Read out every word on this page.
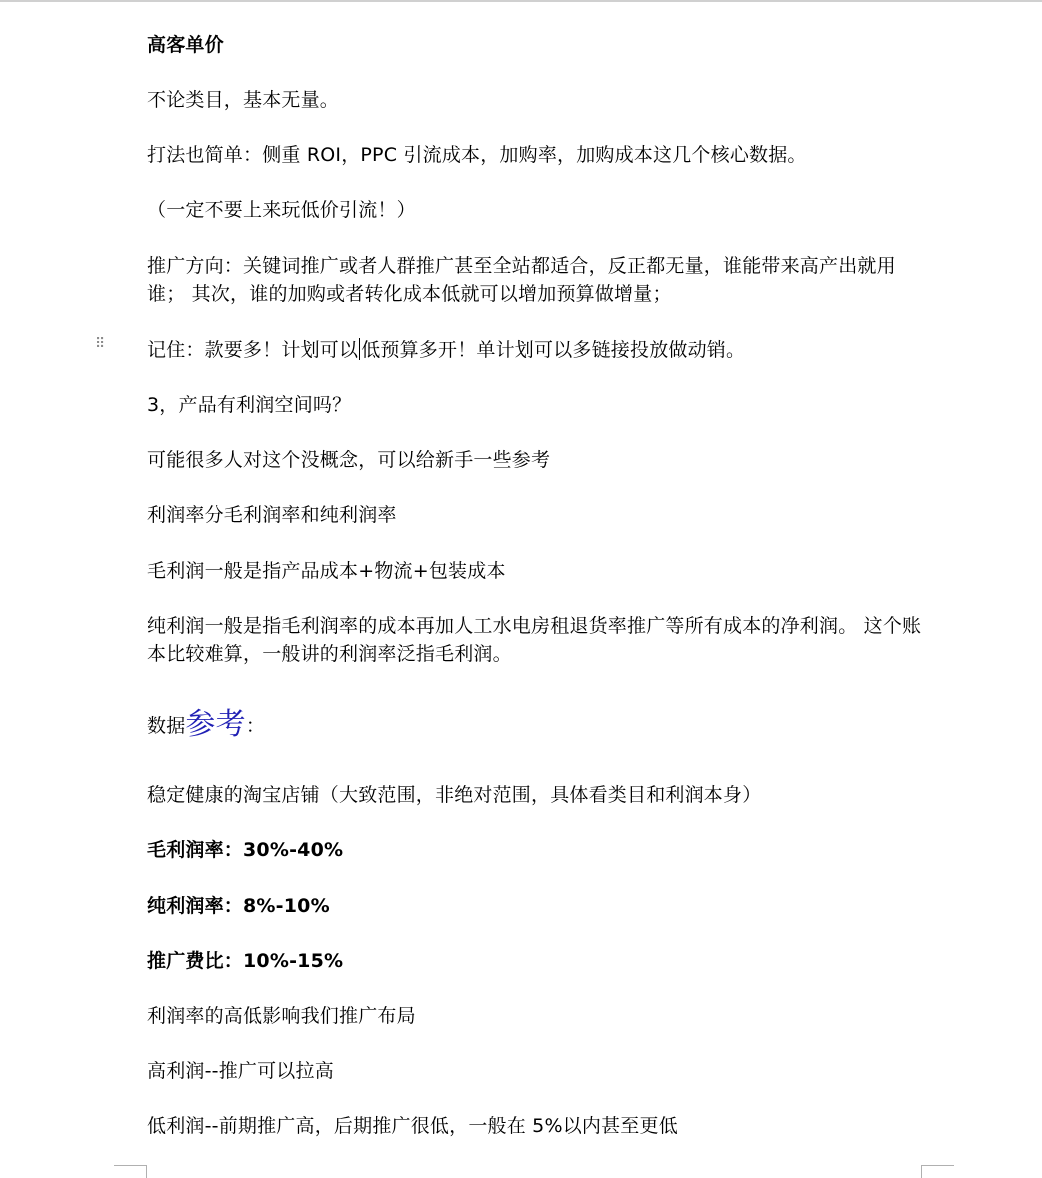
⠿

高客单价

不论类目，基本无量。

打法也简单：侧重 ROI，PPC 引流成本，加购率，加购成本这几个核心数据。

（一定不要上来玩低价引流！）

推广方向：关键词推广或者人群推广甚至全站都适合，反正都无量，谁能带来高产出就用谁； 其次，谁的加购或者转化成本低就可以增加预算做增量；

记住：款要多！计划可以 低预算多开！单计划可以多链接投放做动销。

3，产品有利润空间吗？

可能很多人对这个没概念，可以给新手一些参考

利润率分毛利润率和纯利润率

毛利润一般是指产品成本+物流+包装成本

纯利润一般是指毛利润率的成本再加人工水电房租退货率推广等所有成本的净利润。 这个账本比较难算，一般讲的利润率泛指毛利润。

数据参考：

稳定健康的淘宝店铺（大致范围，非绝对范围，具体看类目和利润本身）

毛利润率：30%-40%

纯利润率：8%-10%

推广费比：10%-15%

利润率的高低影响我们推广布局

高利润--推广可以拉高

低利润--前期推广高，后期推广很低，一般在 5%以内甚至更低
